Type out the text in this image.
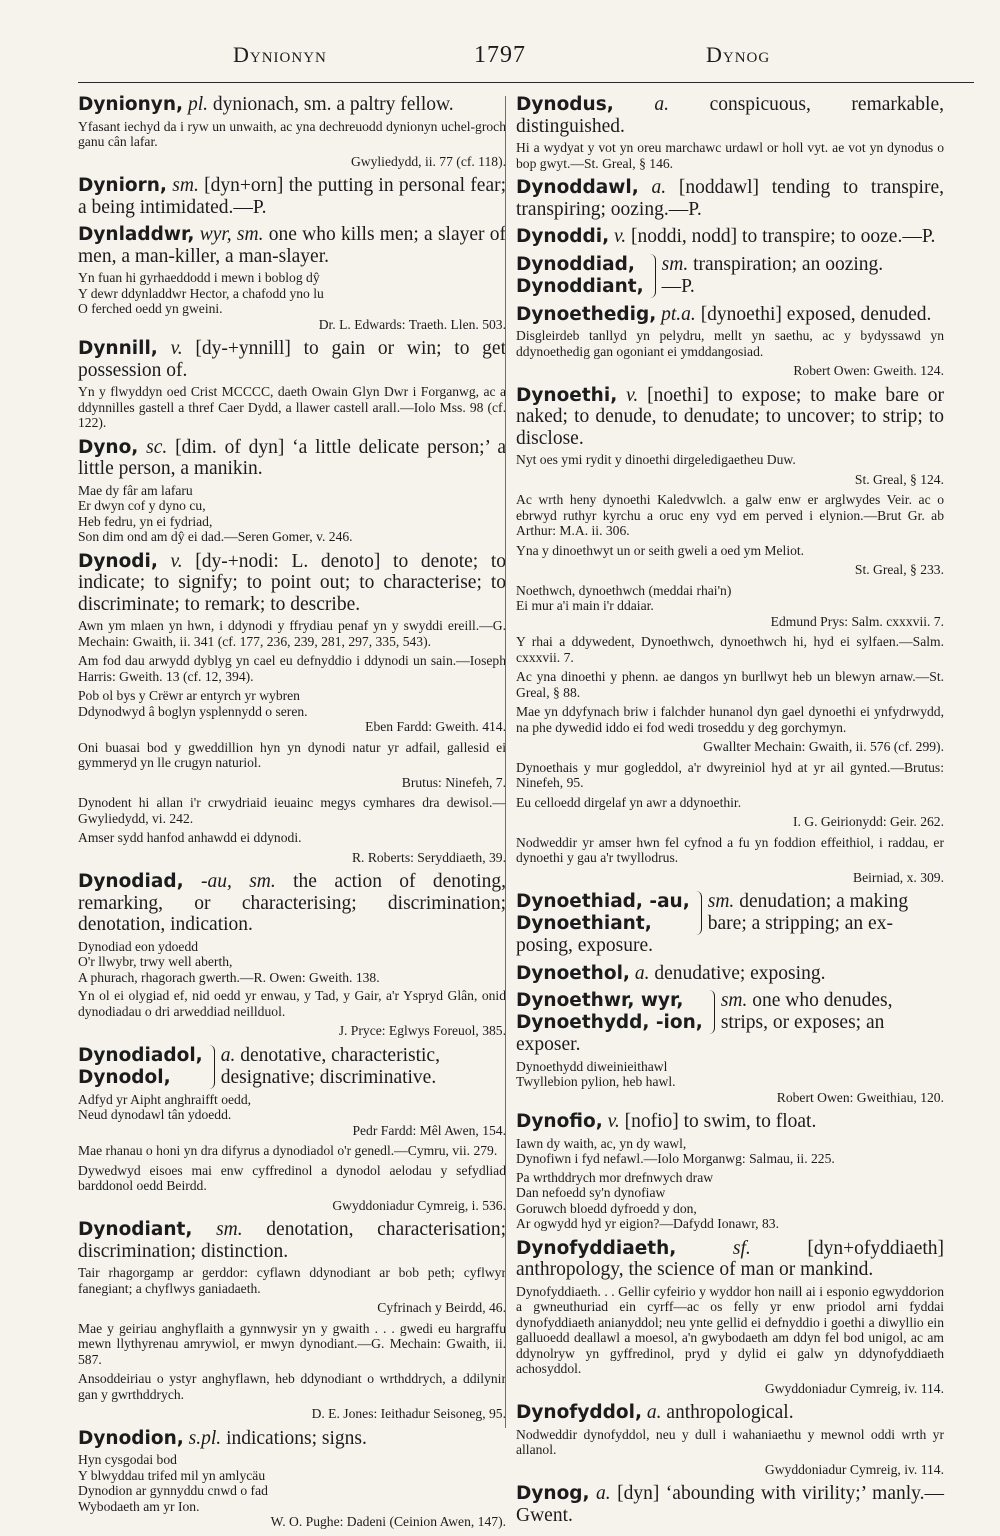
Dynionyn	1797	Dynog
Dynionyn, pl. dynionach, sm. a paltry fellow.
Yfasant iechyd da i ryw un unwaith, ac yna dechreuodd dynionyn uchel-groch ganu cân lafar.
Gwyliedydd, ii. 77 (cf. 118).
Dyniorn, sm. [dyn+orn] the putting in personal fear; a being intimidated.—P.
Dynladdwr, wyr, sm. one who kills men; a slayer of men, a man-killer, a man-slayer.
Yn fuan hi gyrhaeddodd i mewn i boblog dŷ
Y dewr ddynladdwr Hector, a chafodd yno lu
O ferched oedd yn gweini.
Dr. L. Edwards: Traeth. Llen. 503.
Dynnill, v. [dy-+ynnill] to gain or win; to get possession of.
Yn y flwyddyn oed Crist MCCCC, daeth Owain Glyn Dwr i Forganwg, ac a ddynnilles gastell a thref Caer Dydd, a llawer castell arall.—Iolo Mss. 98 (cf. 122).
Dyno, sc. [dim. of dyn] ‘a little delicate person;’ a little person, a manikin.
Mae dy fâr am lafaru
Er dwyn cof y dyno cu,
Heb fedru, yn ei fydriad,
Son dim ond am dŷ ei dad.—Seren Gomer, v. 246.
Dynodi, v. [dy-+nodi: L. denoto] to denote; to indicate; to signify; to point out; to characterise; to discriminate; to remark; to describe.
Awn ym mlaen yn hwn, i ddynodi y ffrydiau penaf yn y swyddi ereill.—G. Mechain: Gwaith, ii. 341 (cf. 177, 236, 239, 281, 297, 335, 543).
Am fod dau arwydd dyblyg yn cael eu defnyddio i ddynodi un sain.—Ioseph Harris: Gweith. 13 (cf. 12, 394).
Pob ol bys y Crëwr ar entyrch yr wybren
Ddynodwyd â boglyn ysplennydd o seren.
Eben Fardd: Gweith. 414.
Oni buasai bod y gweddillion hyn yn dynodi natur yr adfail, gallesid ei gymmeryd yn lle crugyn naturiol.
Brutus: Ninefeh, 7.
Dynodent hi allan i'r crwydriaid ieuainc megys cymhares dra dewisol.—Gwyliedydd, vi. 242.
Amser sydd hanfod anhawdd ei ddynodi.
R. Roberts: Seryddiaeth, 39.
Dynodiad, -au, sm. the action of denoting, remarking, or characterising; discrimination; denotation, indication.
Dynodiad eon ydoedd
O'r llwybr, trwy well aberth,
A phurach, rhagorach gwerth.—R. Owen: Gweith. 138.
Yn ol ei olygiad ef, nid oedd yr enwau, y Tad, y Gair, a'r Yspryd Glân, onid dynodiadau o dri arweddiad neillduol.
J. Pryce: Eglwys Foreuol, 385.
Dynodiadol,
Dynodol,
a. denotative, characteristic,
designative; discriminative.
Adfyd yr Aipht anghraifft oedd,
Neud dynodawl tân ydoedd.
Pedr Fardd: Mêl Awen, 154.
Mae rhanau o honi yn dra difyrus a dynodiadol o'r genedl.—Cymru, vii. 279.
Dywedwyd eisoes mai enw cyffredinol a dynodol aelodau y sefydliad barddonol oedd Beirdd.
Gwyddoniadur Cymreig, i. 536.
Dynodiant, sm. denotation, characterisation; discrimination; distinction.
Tair rhagorgamp ar gerddor: cyflawn ddynodiant ar bob peth; cyflwyr fanegiant; a chyflwys ganiadaeth.
Cyfrinach y Beirdd, 46.
Mae y geiriau anghyflaith a gynnwysir yn y gwaith . . . gwedi eu hargraffu mewn llythyrenau amrywiol, er mwyn dynodiant.—G. Mechain: Gwaith, ii. 587.
Ansoddeiriau o ystyr anghyflawn, heb ddynodiant o wrthddrych, a ddilynir gan y gwrthddrych.
D. E. Jones: Ieithadur Seisoneg, 95.
Dynodion, s.pl. indications; signs.
Hyn cysgodai bod
Y blwyddau trifed mil yn amlycäu
Dynodion ar gynnyddu cnwd o fad
Wybodaeth am yr Ion.
W. O. Pughe: Dadeni (Ceinion Awen, 147).
Dynodus, a. conspicuous, remarkable, distinguished.
Hi a wydyat y vot yn oreu marchawc urdawl or holl vyt. ae vot yn dynodus o bop gwyt.—St. Greal, § 146.
Dynoddawl, a. [noddawl] tending to transpire, transpiring; oozing.—P.
Dynoddi, v. [noddi, nodd] to transpire; to ooze.—P.
Dynoddiad,
Dynoddiant,
sm. transpiration; an oozing.
—P.
Dynoethedig, pt.a. [dynoethi] exposed, denuded.
Disgleirdeb tanllyd yn pelydru, mellt yn saethu, ac y bydyssawd yn ddynoethedig gan ogoniant ei ymddangosiad.
Robert Owen: Gweith. 124.
Dynoethi, v. [noethi] to expose; to make bare or naked; to denude, to denudate; to uncover; to strip; to disclose.
Nyt oes ymi rydit y dinoethi dirgeledigaetheu Duw.
St. Greal, § 124.
Ac wrth heny dynoethi Kaledvwlch. a galw enw er arglwydes Veir. ac o ebrwyd ruthyr kyrchu a oruc eny vyd em perved i elynion.—Brut Gr. ab Arthur: M.A. ii. 306.
Yna y dinoethwyt un or seith gweli a oed ym Meliot.
St. Greal, § 233.
Noethwch, dynoethwch (meddai rhai'n)
Ei mur a'i main i'r ddaiar.
Edmund Prys: Salm. cxxxvii. 7.
Y rhai a ddywedent, Dynoethwch, dynoethwch hi, hyd ei sylfaen.—Salm. cxxxvii. 7.
Ac yna dinoethi y phenn. ae dangos yn burllwyt heb un blewyn arnaw.—St. Greal, § 88.
Mae yn ddyfynach briw i falchder hunanol dyn gael dynoethi ei ynfydrwydd, na phe dywedid iddo ei fod wedi troseddu y deg gorchymyn.
Gwallter Mechain: Gwaith, ii. 576 (cf. 299).
Dynoethais y mur gogleddol, a'r dwyreiniol hyd at yr ail gynted.—Brutus: Ninefeh, 95.
Eu celloedd dirgelaf yn awr a ddynoethir.
I. G. Geirionydd: Geir. 262.
Nodweddir yr amser hwn fel cyfnod a fu yn foddion effeithiol, i raddau, er dynoethi y gau a'r twyllodrus.
Beirniad, x. 309.
Dynoethiad, -au,
Dynoethiant,
sm. denudation; a making
bare; a stripping; an ex-
posing, exposure.
Dynoethol, a. denudative; exposing.
Dynoethwr, wyr,
Dynoethydd, -ion,
sm. one who denudes,
strips, or exposes; an
exposer.
Dynoethydd diweinieithawl
Twyllebion pylion, heb hawl.
Robert Owen: Gweithiau, 120.
Dynofio, v. [nofio] to swim, to float.
Iawn dy waith, ac, yn dy wawl,
Dynofiwn i fyd nefawl.—Iolo Morganwg: Salmau, ii. 225.
Pa wrthddrych mor drefnwych draw
Dan nefoedd sy'n dynofiaw
Goruwch bloedd dyfroedd y don,
Ar ogwydd hyd yr eigion?—Dafydd Ionawr, 83.
Dynofyddiaeth,	sf.	[dyn+ofyddiaeth] anthropology, the science of man or mankind.
Dynofyddiaeth. . . Gellir cyfeirio y wyddor hon naill ai i esponio egwyddorion a gwneuthuriad ein cyrff—ac os felly yr enw priodol arni fyddai dynofyddiaeth anianyddol; neu ynte gellid ei defnyddio i goethi a diwyllio ein galluoedd deallawl a moesol, a'n gwybodaeth am ddyn fel bod unigol, ac am ddynolryw yn gyffredinol, pryd y dylid ei galw yn ddynofyddiaeth achosyddol.
Gwyddoniadur Cymreig, iv. 114.
Dynofyddol, a. anthropological.
Nodweddir dynofyddol, neu y dull i wahaniaethu y mewnol oddi wrth yr allanol.
Gwyddoniadur Cymreig, iv. 114.
Dynog, a. [dyn] ‘abounding with virility;’ manly.—Gwent.
